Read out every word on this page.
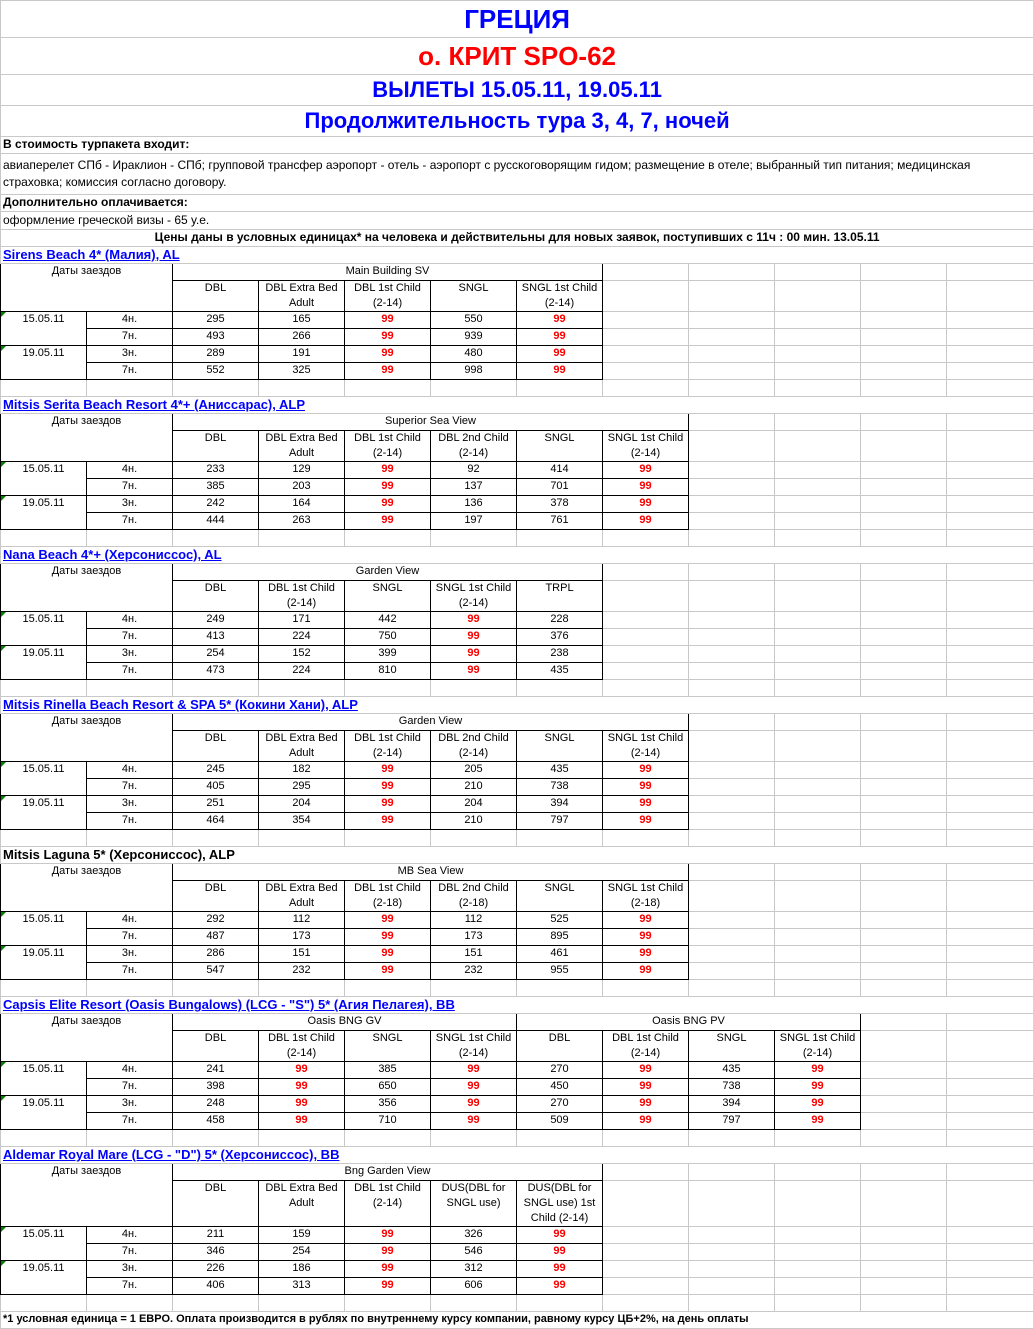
ГРЕЦИЯ											
о. КРИТ SPO-62											
ВЫЛЕТЫ 15.05.11, 19.05.11											
Продолжительность тура 3, 4, 7, ночей											
В стоимость турпакета входит:											
авиаперелет СПб - Ираклион - СПб; групповой трансфер аэропорт - отель - аэропорт с русскоговорящим гидом; размещение в отеле; выбранный тип питания; медицинская страховка; комиссия согласно договору.											
Дополнительно оплачивается:											
оформление греческой визы - 65 у.е.											
Цены даны в условных единицах* на человека и действительны для новых заявок, поступивших с 11ч : 00 мин. 13.05.11											
Sirens Beach 4* (Малия), AL											
Даты заездов		Main Building SV									
		DBL	DBL Extra Bed Adult	DBL 1st Child (2-14)	SNGL	SNGL 1st Child (2-14)					
15.05.11	4н.	295	165	99	550	99					
	7н.	493	266	99	939	99					
19.05.11	3н.	289	191	99	480	99					
	7н.	552	325	99	998	99					

Mitsis Serita Beach Resort 4*+ (Аниссарас), ALP											
Даты заездов		Superior Sea View									
		DBL	DBL Extra Bed Adult	DBL 1st Child (2-14)	DBL 2nd Child (2-14)	SNGL	SNGL 1st Child (2-14)				
15.05.11	4н.	233	129	99	92	414	99				
	7н.	385	203	99	137	701	99				
19.05.11	3н.	242	164	99	136	378	99				
	7н.	444	263	99	197	761	99				

Nana Beach 4*+ (Херсониссос), AL											
Даты заездов		Garden View									
		DBL	DBL 1st Child (2-14)	SNGL	SNGL 1st Child (2-14)	TRPL					
15.05.11	4н.	249	171	442	99	228					
	7н.	413	224	750	99	376					
19.05.11	3н.	254	152	399	99	238					
	7н.	473	224	810	99	435					

Mitsis Rinella Beach Resort & SPA 5* (Кокини Хани), ALP											
Даты заездов		Garden View									
		DBL	DBL Extra Bed Adult	DBL 1st Child (2-14)	DBL 2nd Child (2-14)	SNGL	SNGL 1st Child (2-14)				
15.05.11	4н.	245	182	99	205	435	99				
	7н.	405	295	99	210	738	99				
19.05.11	3н.	251	204	99	204	394	99				
	7н.	464	354	99	210	797	99				

Mitsis Laguna 5* (Херсониссос), ALP											
Даты заездов		MB Sea View									
		DBL	DBL Extra Bed Adult	DBL 1st Child (2-18)	DBL 2nd Child (2-18)	SNGL	SNGL 1st Child (2-18)				
15.05.11	4н.	292	112	99	112	525	99				
	7н.	487	173	99	173	895	99				
19.05.11	3н.	286	151	99	151	461	99				
	7н.	547	232	99	232	955	99				

Capsis Elite Resort (Oasis Bungalows) (LCG - "S") 5* (Агия Пелагея), BB											
Даты заездов		Oasis BNG GV				Oasis BNG PV					
		DBL	DBL 1st Child (2-14)	SNGL	SNGL 1st Child (2-14)	DBL	DBL 1st Child (2-14)	SNGL	SNGL 1st Child (2-14)		
15.05.11	4н.	241	99	385	99	270	99	435	99		
	7н.	398	99	650	99	450	99	738	99		
19.05.11	3н.	248	99	356	99	270	99	394	99		
	7н.	458	99	710	99	509	99	797	99		

Aldemar Royal Mare (LCG - "D") 5* (Херсониссос), BB											
Даты заездов		Bng Garden View									
		DBL	DBL Extra Bed Adult	DBL 1st Child (2-14)	DUS(DBL for SNGL use)	DUS(DBL for SNGL use) 1st Child (2-14)					
15.05.11	4н.	211	159	99	326	99					
	7н.	346	254	99	546	99					
19.05.11	3н.	226	186	99	312	99					
	7н.	406	313	99	606	99					

*1 условная единица = 1 ЕВРО. Оплата производится в рублях по внутреннему курсу компании, равному курсу ЦБ+2%, на день оплаты											
